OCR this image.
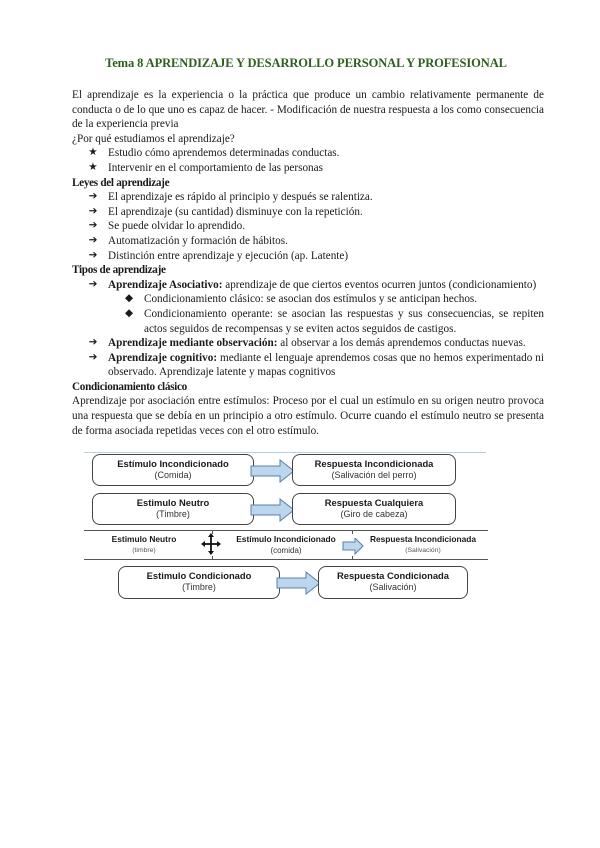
Tema 8 APRENDIZAJE Y DESARROLLO PERSONAL Y PROFESIONAL

El aprendizaje es la experiencia o la práctica que produce un cambio relativamente permanente de conducta o de lo que uno es capaz de hacer. - Modificación de nuestra respuesta a los como consecuencia de la experiencia previa

¿Por qué estudiamos el aprendizaje?

★ Estudio cómo aprendemos determinadas conductas.
★ Intervenir en el comportamiento de las personas

Leyes del aprendizaje

➔ El aprendizaje es rápido al principio y después se ralentiza.
➔ El aprendizaje (su cantidad) disminuye con la repetición.
➔ Se puede olvidar lo aprendido.
➔ Automatización y formación de hábitos.
➔ Distinción entre aprendizaje y ejecución (ap. Latente)

Tipos de aprendizaje

➔ Aprendizaje Asociativo: aprendizaje de que ciertos eventos ocurren juntos (condicionamiento)
◆ Condicionamiento clásico: se asocian dos estímulos y se anticipan hechos.
◆ Condicionamiento operante: se asocian las respuestas y sus consecuencias, se repiten actos seguidos de recompensas y se eviten actos seguidos de castigos.
➔ Aprendizaje mediante observación: al observar a los demás aprendemos conductas nuevas.
➔ Aprendizaje cognitivo: mediante el lenguaje aprendemos cosas que no hemos experimentado ni observado. Aprendizaje latente y mapas cognitivos

Condicionamiento clásico

Aprendizaje por asociación entre estímulos: Proceso por el cual un estímulo en su origen neutro provoca una respuesta que se debía en un principio a otro estímulo. Ocurre cuando el estímulo neutro se presenta de forma asociada repetidas veces con el otro estímulo.

Estímulo Incondicionado
(Comida)
Respuesta Incondicionada
(Salivación del perro)
Estimulo Neutro
(Timbre)
Respuesta Cualquiera
(Giro de cabeza)
Estimulo Neutro
(timbre)
Estímulo Incondicionado
(comida)
Respuesta Incondicionada
(Salivación)
Estimulo Condicionado
(Timbre)
Respuesta Condicionada
(Salivación)
